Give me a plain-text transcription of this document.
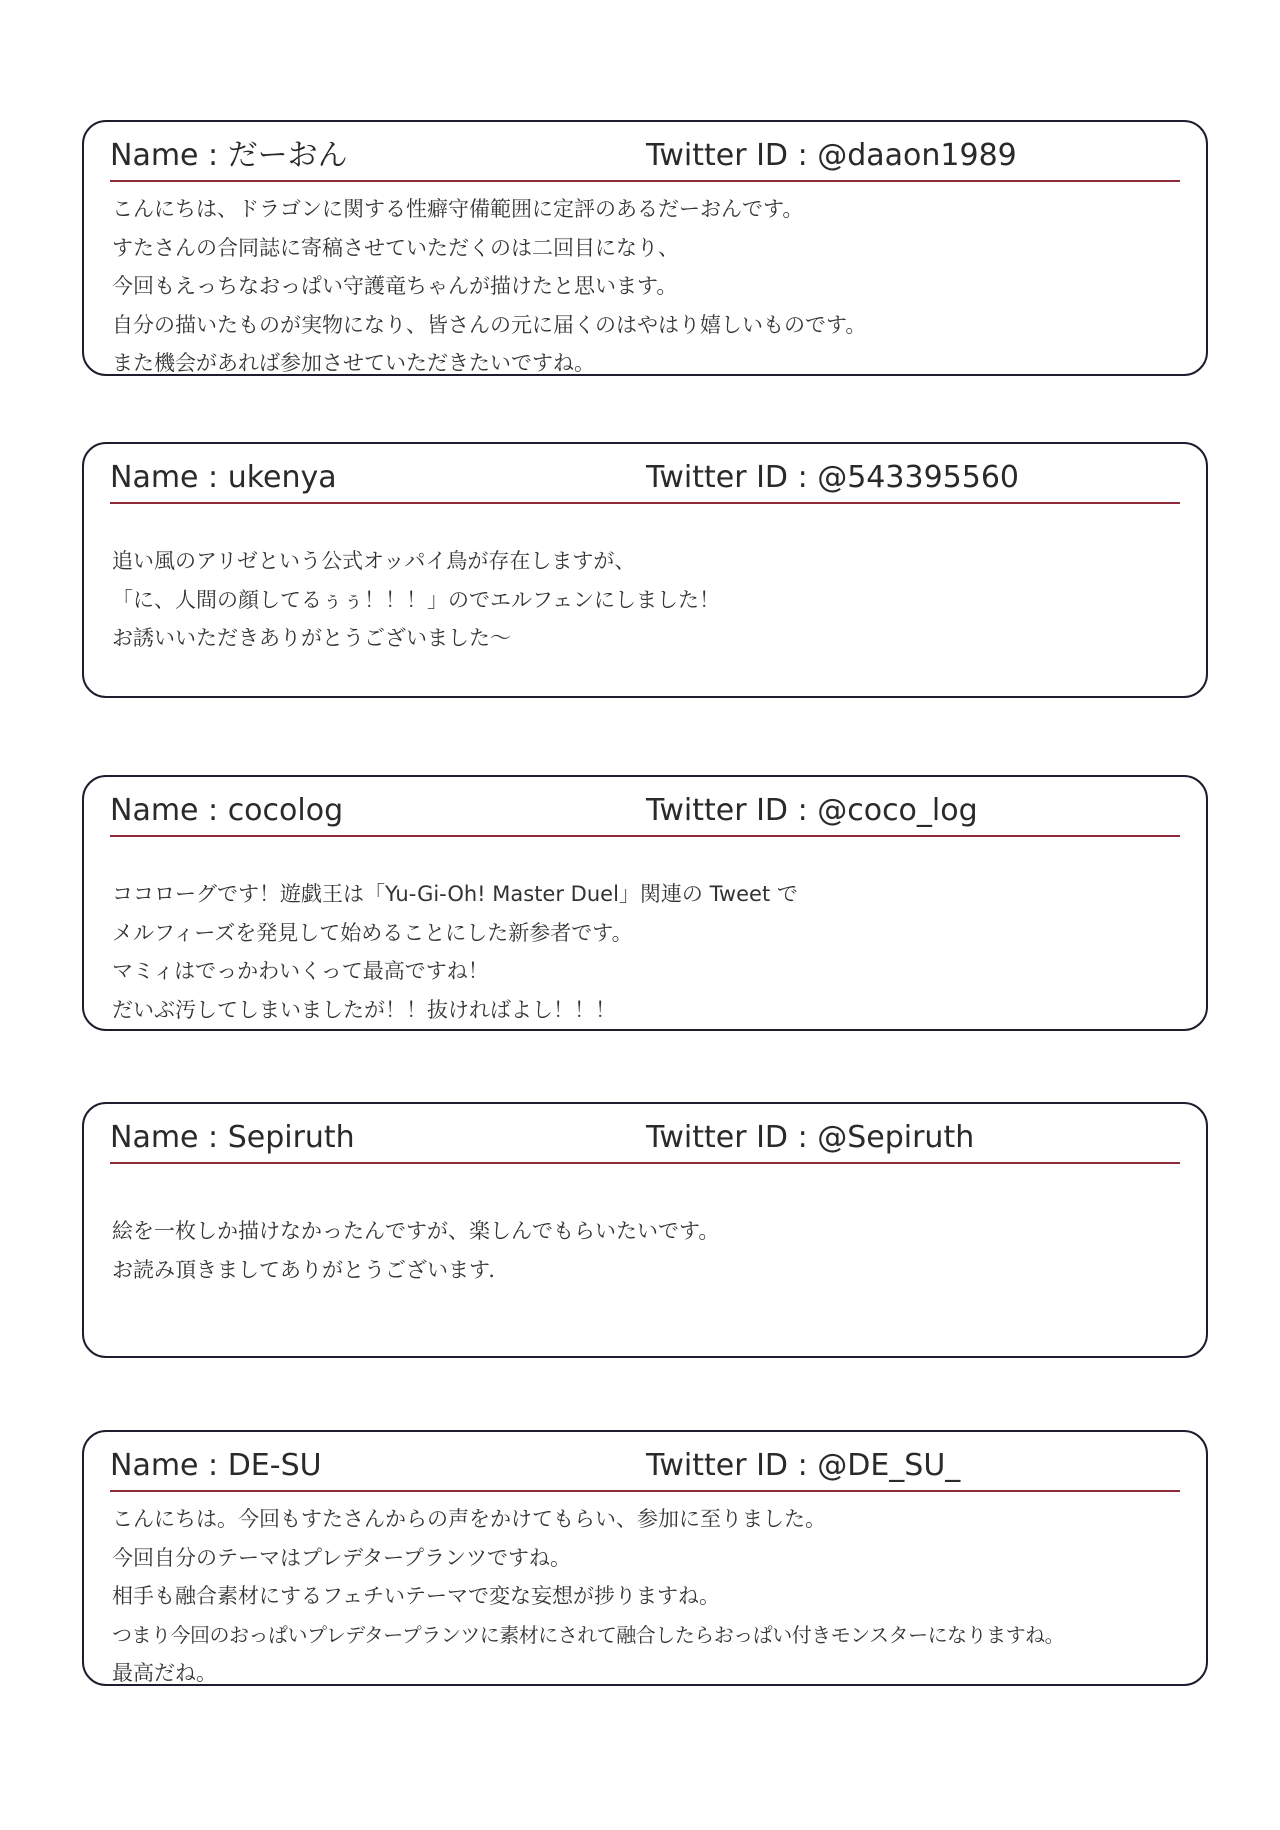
Name : だーおん	Twitter ID : @daaon1989
こんにちは、ドラゴンに関する性癖守備範囲に定評のあるだーおんです。
すたさんの合同誌に寄稿させていただくのは二回目になり、
今回もえっちなおっぱい守護竜ちゃんが描けたと思います。
自分の描いたものが実物になり、皆さんの元に届くのはやはり嬉しいものです。
また機会があれば参加させていただきたいですね。
Name : ukenya	Twitter ID : @543395560
追い風のアリゼという公式オッパイ鳥が存在しますが、
「に、人間の顔してるぅぅ！！！」のでエルフェンにしました！
お誘いいただきありがとうございました〜
Name : cocolog	Twitter ID : @coco_log
ココローグです！遊戯王は「Yu-Gi-Oh! Master Duel」関連の Tweet で
メルフィーズを発見して始めることにした新参者です。
マミィはでっかわいくって最高ですね！
だいぶ汚してしまいましたが！！抜ければよし！！！
Name : Sepiruth	Twitter ID : @Sepiruth
絵を一枚しか描けなかったんですが、楽しんでもらいたいです。
お読み頂きましてありがとうございます．
Name : DE-SU	Twitter ID : @DE_SU_
こんにちは。今回もすたさんからの声をかけてもらい、参加に至りました。
今回自分のテーマはプレデタープランツですね。
相手も融合素材にするフェチいテーマで変な妄想が捗りますね。
つまり今回のおっぱいプレデタープランツに素材にされて融合したらおっぱい付きモンスターになりますね。
最高だね。
